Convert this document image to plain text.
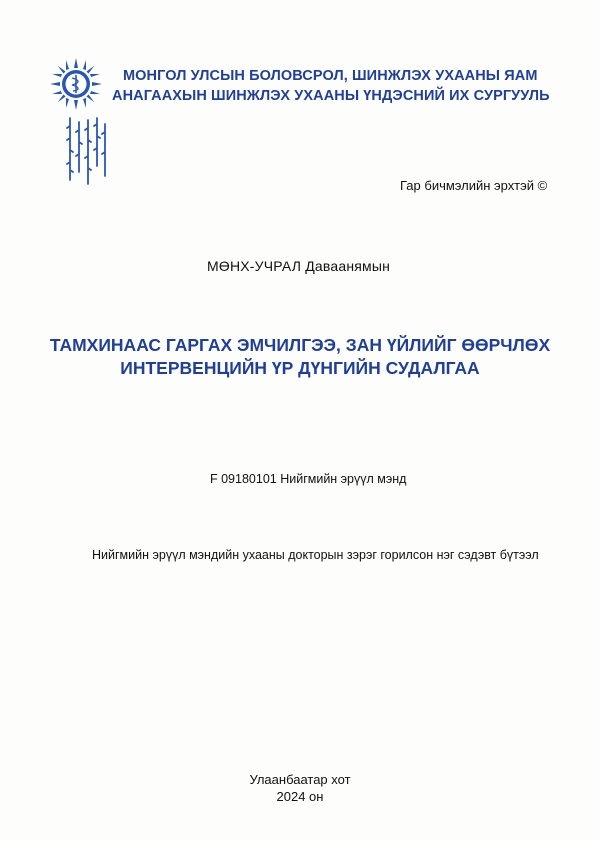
МОНГОЛ УЛСЫН БОЛОВСРОЛ, ШИНЖЛЭХ УХААНЫ ЯАМ
АНАГААХЫН ШИНЖЛЭХ УХААНЫ ҮНДЭСНИЙ ИХ СУРГУУЛЬ
Гар бичмэлийн эрхтэй ©
МӨНХ-УЧРАЛ Даваанямын
ТАМХИНААС ГАРГАХ ЭМЧИЛГЭЭ, ЗАН ҮЙЛИЙГ ӨӨРЧЛӨХ
ИНТЕРВЕНЦИЙН ҮР ДҮНГИЙН СУДАЛГАА
F 09180101 Нийгмийн эрүүл мэнд
Нийгмийн эрүүл мэндийн ухааны докторын зэрэг горилсон нэг сэдэвт бүтээл
Улаанбаатар хот
2024 он
